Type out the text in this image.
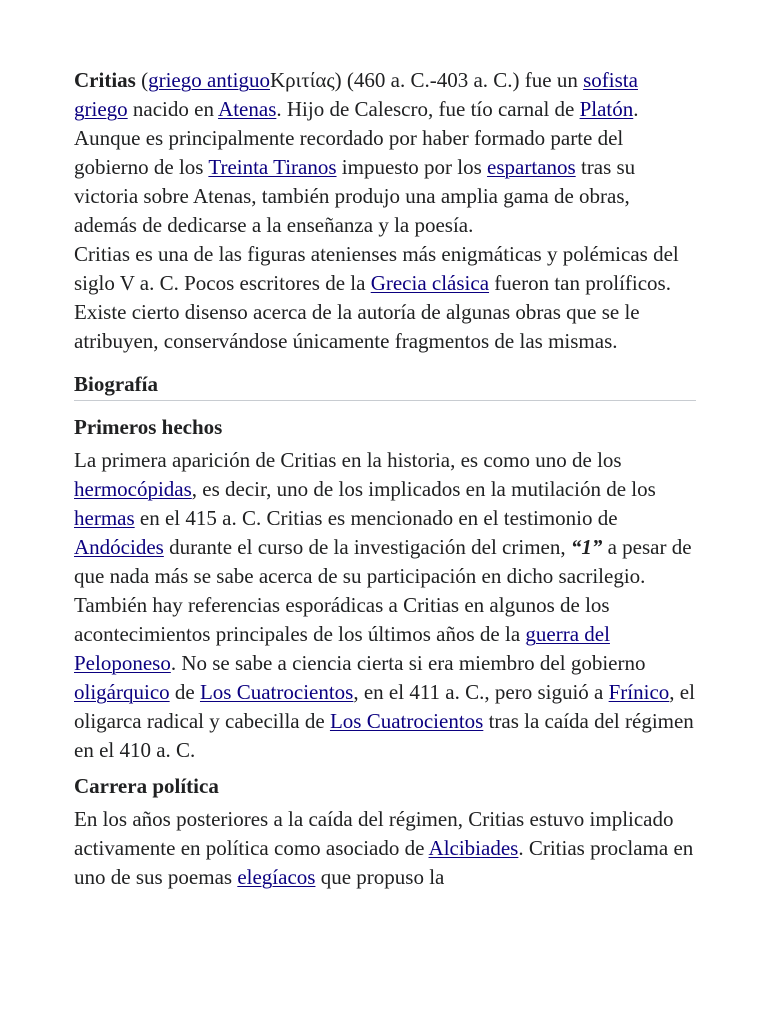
Critias (griego antiguoΚριτίας) (460 a. C.-403 a. C.) fue un sofista griego nacido en Atenas. Hijo de Calescro, fue tío carnal de Platón.

Aunque es principalmente recordado por haber formado parte del gobierno de los Treinta Tiranos impuesto por los espartanos tras su victoria sobre Atenas, también produjo una amplia gama de obras, además de dedicarse a la enseñanza y la poesía.

Critias es una de las figuras atenienses más enigmáticas y polémicas del siglo V a. C. Pocos escritores de la Grecia clásica fueron tan prolíficos. Existe cierto disenso acerca de la autoría de algunas obras que se le atribuyen, conservándose únicamente fragmentos de las mismas.

Biografía
Primeros hechos

La primera aparición de Critias en la historia, es como uno de los hermocópidas, es decir, uno de los implicados en la mutilación de los hermas en el 415 a. C. Critias es mencionado en el testimonio de Andócides durante el curso de la investigación del crimen, “1” a pesar de que nada más se sabe acerca de su participación en dicho sacrilegio. También hay referencias esporádicas a Critias en algunos de los acontecimientos principales de los últimos años de la guerra del Peloponeso. No se sabe a ciencia cierta si era miembro del gobierno oligárquico de Los Cuatrocientos, en el 411 a. C., pero siguió a Frínico, el oligarca radical y cabecilla de Los Cuatrocientos tras la caída del régimen en el 410 a. C.

Carrera política

En los años posteriores a la caída del régimen, Critias estuvo implicado activamente en política como asociado de Alcibiades. Critias proclama en uno de sus poemas elegíacos que propuso la
